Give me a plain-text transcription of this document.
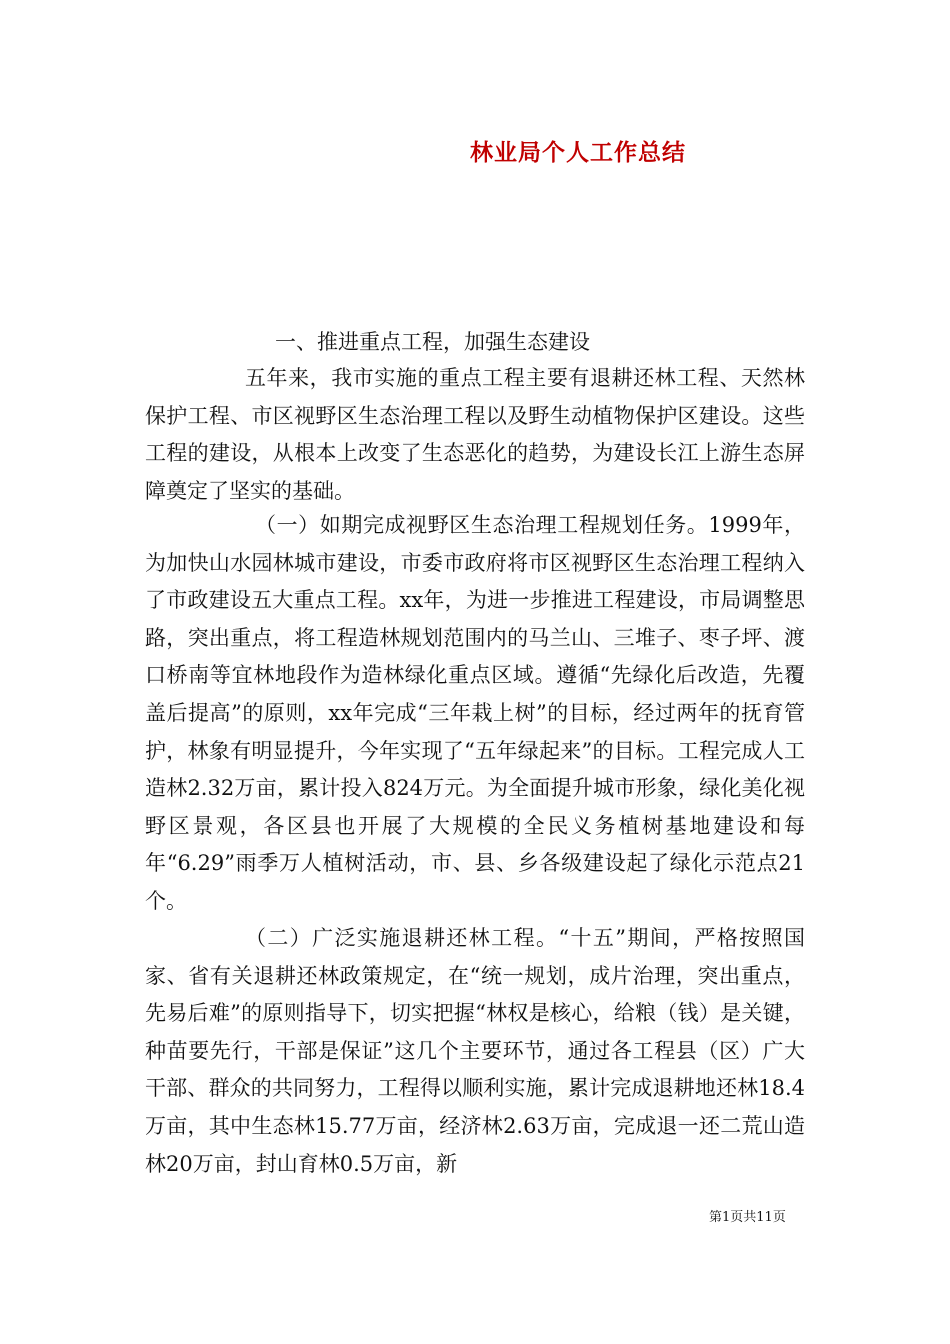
林业局个人工作总结

一、推进重点工程，加强生态建设

五年来，我市实施的重点工程主要有退耕还林工程、天然林保护工程、市区视野区生态治理工程以及野生动植物保护区建设。这些工程的建设，从根本上改变了生态恶化的趋势，为建设长江上游生态屏障奠定了坚实的基础。

（一）如期完成视野区生态治理工程规划任务。1999年，为加快山水园林城市建设，市委市政府将市区视野区生态治理工程纳入了市政建设五大重点工程。xx年，为进一步推进工程建设，市局调整思路，突出重点，将工程造林规划范围内的马兰山、三堆子、枣子坪、渡口桥南等宜林地段作为造林绿化重点区域。遵循“先绿化后改造，先覆盖后提高”的原则，xx年完成“三年栽上树”的目标，经过两年的抚育管护，林象有明显提升，今年实现了“五年绿起来”的目标。工程完成人工造林2.32万亩，累计投入824万元。为全面提升城市形象，绿化美化视野区景观，各区县也开展了大规模的全民义务植树基地建设和每年“6.29”雨季万人植树活动，市、县、乡各级建设起了绿化示范点21个。

（二）广泛实施退耕还林工程。“十五”期间，严格按照国家、省有关退耕还林政策规定，在“统一规划，成片治理，突出重点，先易后难”的原则指导下，切实把握“林权是核心，给粮（钱）是关键，种苗要先行，干部是保证”这几个主要环节，通过各工程县（区）广大干部、群众的共同努力，工程得以顺利实施，累计完成退耕地还林18.4万亩，其中生态林15.77万亩，经济林2.63万亩，完成退一还二荒山造林20万亩，封山育林0.5万亩，新

第1页共11页
